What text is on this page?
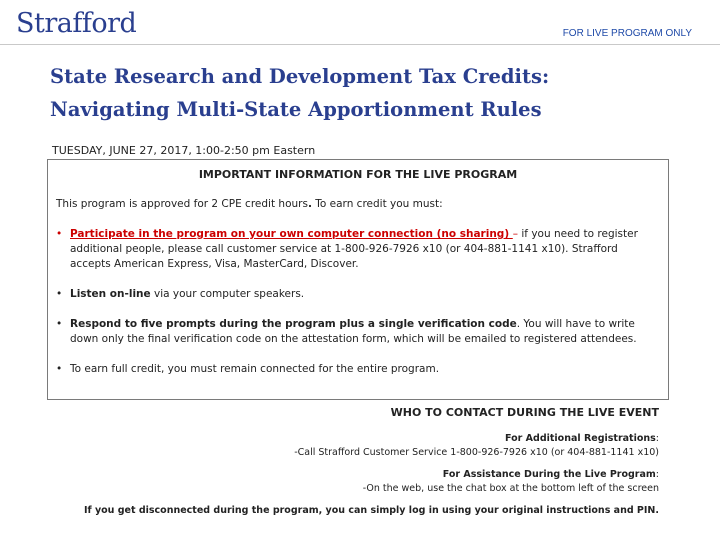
Strafford	FOR LIVE PROGRAM ONLY
State Research and Development Tax Credits:
Navigating Multi-State Apportionment Rules
TUESDAY, JUNE 27, 2017, 1:00-2:50 pm Eastern
IMPORTANT INFORMATION FOR THE LIVE PROGRAM
This program is approved for 2 CPE credit hours. To earn credit you must:
• Participate in the program on your own computer connection (no sharing) – if you need to register additional people, please call customer service at 1-800-926-7926 x10 (or 404-881-1141 x10). Strafford accepts American Express, Visa, MasterCard, Discover.
• Listen on-line via your computer speakers.
• Respond to five prompts during the program plus a single verification code. You will have to write down only the final verification code on the attestation form, which will be emailed to registered attendees.
• To earn full credit, you must remain connected for the entire program.
WHO TO CONTACT DURING THE LIVE EVENT
For Additional Registrations:
-Call Strafford Customer Service 1-800-926-7926 x10 (or 404-881-1141 x10)
For Assistance During the Live Program:
-On the web, use the chat box at the bottom left of the screen
If you get disconnected during the program, you can simply log in using your original instructions and PIN.
